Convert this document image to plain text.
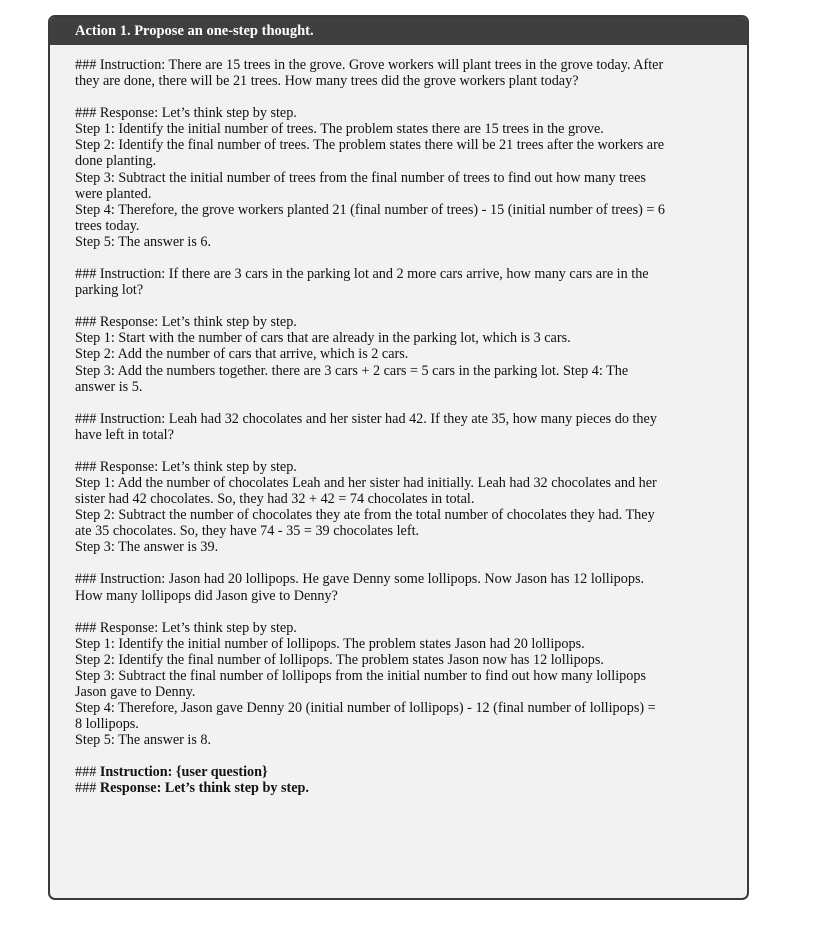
Action 1. Propose an one-step thought.
### Instruction: There are 15 trees in the grove. Grove workers will plant trees in the grove today. After
they are done, there will be 21 trees. How many trees did the grove workers plant today?
### Response: Let’s think step by step.
Step 1: Identify the initial number of trees. The problem states there are 15 trees in the grove.
Step 2: Identify the final number of trees. The problem states there will be 21 trees after the workers are
done planting.
Step 3: Subtract the initial number of trees from the final number of trees to find out how many trees
were planted.
Step 4: Therefore, the grove workers planted 21 (final number of trees) - 15 (initial number of trees) = 6
trees today.
Step 5: The answer is 6.
### Instruction: If there are 3 cars in the parking lot and 2 more cars arrive, how many cars are in the
parking lot?
### Response: Let’s think step by step.
Step 1: Start with the number of cars that are already in the parking lot, which is 3 cars.
Step 2: Add the number of cars that arrive, which is 2 cars.
Step 3: Add the numbers together. there are 3 cars + 2 cars = 5 cars in the parking lot. Step 4: The
answer is 5.
### Instruction: Leah had 32 chocolates and her sister had 42. If they ate 35, how many pieces do they
have left in total?
### Response: Let’s think step by step.
Step 1: Add the number of chocolates Leah and her sister had initially. Leah had 32 chocolates and her
sister had 42 chocolates. So, they had 32 + 42 = 74 chocolates in total.
Step 2: Subtract the number of chocolates they ate from the total number of chocolates they had. They
ate 35 chocolates. So, they have 74 - 35 = 39 chocolates left.
Step 3: The answer is 39.
### Instruction: Jason had 20 lollipops. He gave Denny some lollipops. Now Jason has 12 lollipops.
How many lollipops did Jason give to Denny?
### Response: Let’s think step by step.
Step 1: Identify the initial number of lollipops. The problem states Jason had 20 lollipops.
Step 2: Identify the final number of lollipops. The problem states Jason now has 12 lollipops.
Step 3: Subtract the final number of lollipops from the initial number to find out how many lollipops
Jason gave to Denny.
Step 4: Therefore, Jason gave Denny 20 (initial number of lollipops) - 12 (final number of lollipops) =
8 lollipops.
Step 5: The answer is 8.
### Instruction: {user question}
### Response: Let’s think step by step.
